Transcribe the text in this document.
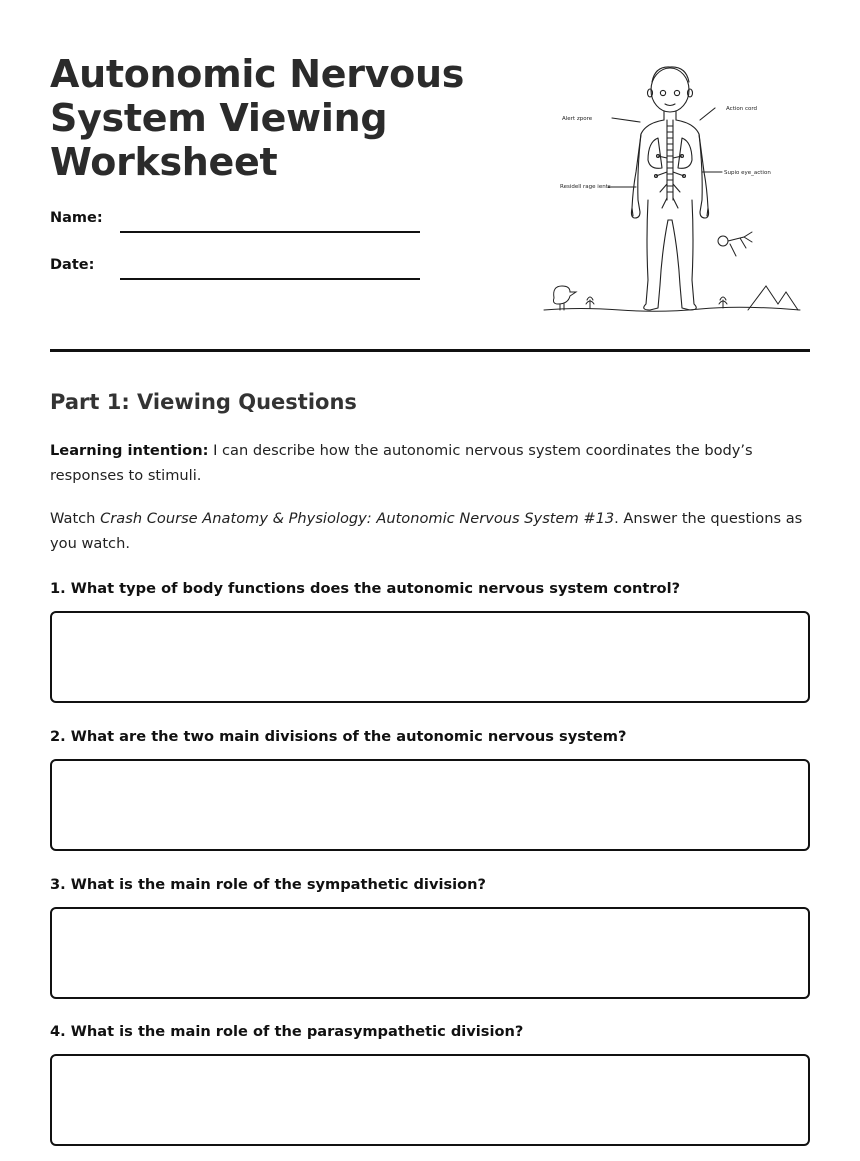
Autonomic Nervous System Viewing Worksheet
Name:
Date:
Alert zpore
Action cord
Supio eye_action
Residell rage ients
Part 1: Viewing Questions

Learning intention: I can describe how the autonomic nervous system coordinates the body’s responses to stimuli.

Watch Crash Course Anatomy & Physiology: Autonomic Nervous System #13. Answer the questions as you watch.

1. What type of body functions does the autonomic nervous system control?

2. What are the two main divisions of the autonomic nervous system?

3. What is the main role of the sympathetic division?

4. What is the main role of the parasympathetic division?
